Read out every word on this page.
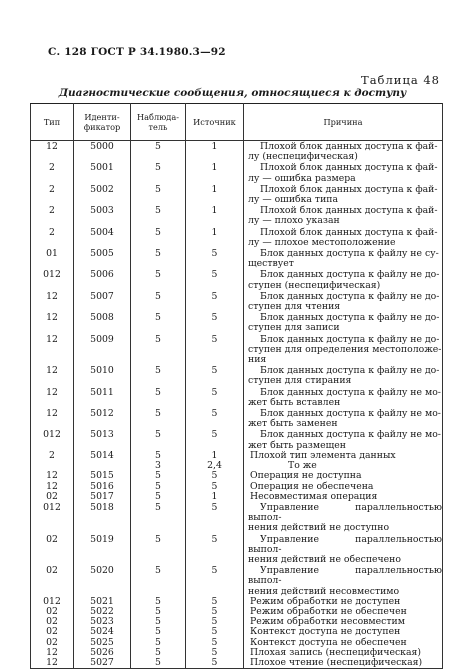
С. 128 ГОСТ Р 34.1980.3—92
Таблица 48
Диагностические сообщения, относящиеся к доступу
Тип	Иденти-фикатор	Наблюда-тель	Источник	Причина
12	5000	5	1	Плохой блок данных доступа к фай-
лу (неспецифическая)

2	5001	5	1	Плохой блок данных доступа к фай-
лу — ошибка размера

2	5002	5	1	Плохой блок данных доступа к фай-
лу — ошибка типа

2	5003	5	1	Плохой блок данных доступа к фай-
лу — плохо указан

2	5004	5	1	Плохой блок данных доступа к фай-
лу — плохое местоположение

01	5005	5	5	Блок данных доступа к файлу не су-
ществует

012	5006	5	5	Блок данных доступа к файлу не до-
ступен (неспецифическая)

12	5007	5	5	Блок данных доступа к файлу не до-
ступен для чтения

12	5008	5	5	Блок данных доступа к файлу не до-
ступен для записи

12	5009	5	5	Блок данных доступа к файлу не до-
ступен для определения местоположе-
ния

12	5010	5	5	Блок данных доступа к файлу не до-
ступен для стирания

12	5011	5	5	Блок данных доступа к файлу не мо-
жет быть вставлен

12	5012	5	5	Блок данных доступа к файлу не мо-
жет быть заменен

012	5013	5	5	Блок данных доступа к файлу не мо-
жет быть размещен

2	5014	5	1	Плохой тип элемента данных

		3	2,4	То же

12	5015	5	5	Операция не доступна

12	5016	5	5	Операция не обеспечена

02	5017	5	1	Несовместимая операция

012	5018	5	5	Управление параллельностью выпол-
нения действий не доступно

02	5019	5	5	Управление параллельностью выпол-
нения действий не обеспечено

02	5020	5	5	Управление параллельностью выпол-
нения действий несовместимо

012	5021	5	5	Режим обработки не доступен

02	5022	5	5	Режим обработки не обеспечен

02	5023	5	5	Режим обработки несовместим

02	5024	5	5	Контекст доступа не доступен

02	5025	5	5	Контекст доступа не обеспечен

12	5026	5	5	Плохая запись (неспецифическая)

12	5027	5	5	Плохое чтение (неспецифическая)
